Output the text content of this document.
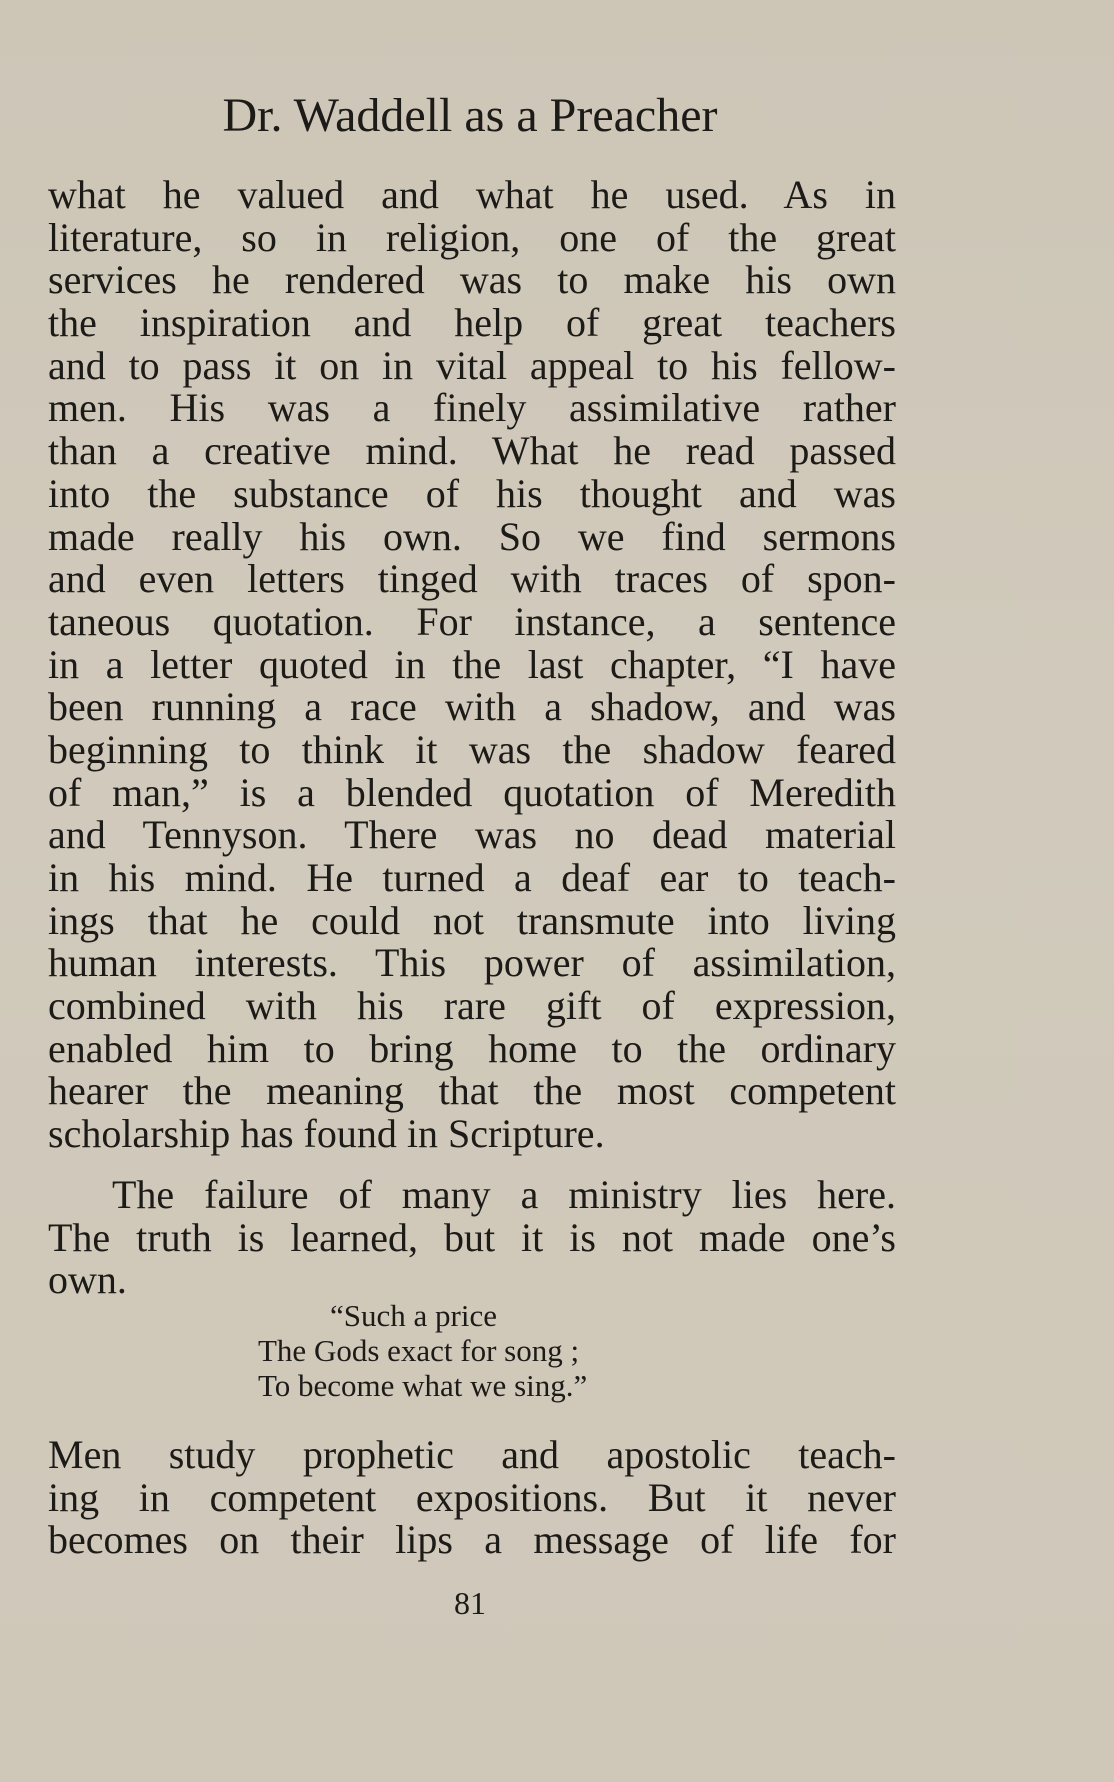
Dr. Waddell as a Preacher
what he valued and what he used. As in
literature, so in religion, one of the great
services he rendered was to make his own
the inspiration and help of great teachers
and to pass it on in vital appeal to his fellow-
men. His was a finely assimilative rather
than a creative mind. What he read passed
into the substance of his thought and was
made really his own. So we find sermons
and even letters tinged with traces of spon-
taneous quotation. For instance, a sentence
in a letter quoted in the last chapter, “I have
been running a race with a shadow, and was
beginning to think it was the shadow feared
of man,” is a blended quotation of Meredith
and Tennyson. There was no dead material
in his mind. He turned a deaf ear to teach-
ings that he could not transmute into living
human interests. This power of assimilation,
combined with his rare gift of expression,
enabled him to bring home to the ordinary
hearer the meaning that the most competent
scholarship has found in Scripture.
The failure of many a ministry lies here.
The truth is learned, but it is not made one’s
own.
“Such a price
The Gods exact for song ;
To become what we sing.”
Men study prophetic and apostolic teach-
ing in competent expositions. But it never
becomes on their lips a message of life for
81
